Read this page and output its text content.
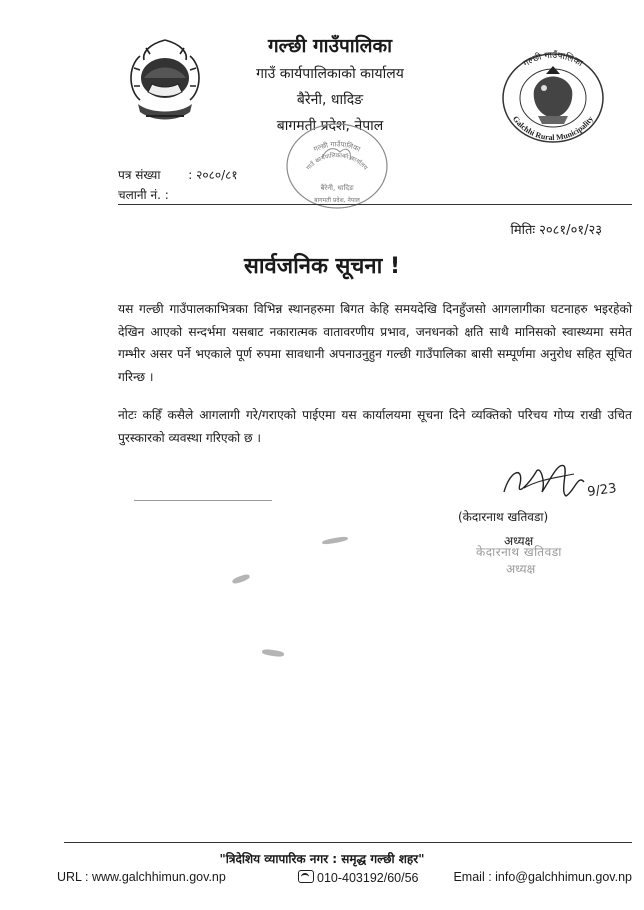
गल्छी गाउँपालिका
गाउँ कार्यपालिकाको कार्यालय
बैरेनी, धादिङ
बागमती प्रदेश, नेपाल
गल्छी गाउँपालिका
Galchhi Rural Municipality
गल्छी गाउँपालिका
गाउँ कार्यपालिकाको कार्यालय
बैरेनी, धादिङ
बागमती प्रदेश, नेपाल
पत्र संख्या : २०८०/८१
चलानी नं. :
मितिः २०८१/०१/२३
सार्वजनिक सूचना !
यस गल्छी गाउँपालकाभित्रका विभिन्न स्थानहरुमा बिगत केहि समयदेखि दिनहुँजसो आगलागीका घटनाहरु भइरहेको देखिन आएको सन्दर्भमा यसबाट नकारात्मक वातावरणीय प्रभाव, जनधनको क्षति साथै मानिसको स्वास्थ्यमा समेत गम्भीर असर पर्ने भएकाले पूर्ण रुपमा सावधानी अपनाउनुहुन गल्छी गाउँपालिका बासी सम्पूर्णमा अनुरोध सहित सूचित गरिन्छ ।
नोटः कहिँ कसैले आगलागी गरे/गराएको पाईएमा यस कार्यालयमा सूचना दिने व्यक्तिको परिचय गोप्य राखी उचित पुरस्कारको व्यवस्था गरिएको छ ।
9/23
(केदारनाथ खतिवडा)
अध्यक्ष
केदारनाथ खतिवडा
अध्यक्ष
"त्रिदेशिय व्यापारिक नगर : समृद्ध गल्छी शहर"
URL : www.galchhimun.gov.np	010-403192/60/56	Email : info@galchhimun.gov.np
